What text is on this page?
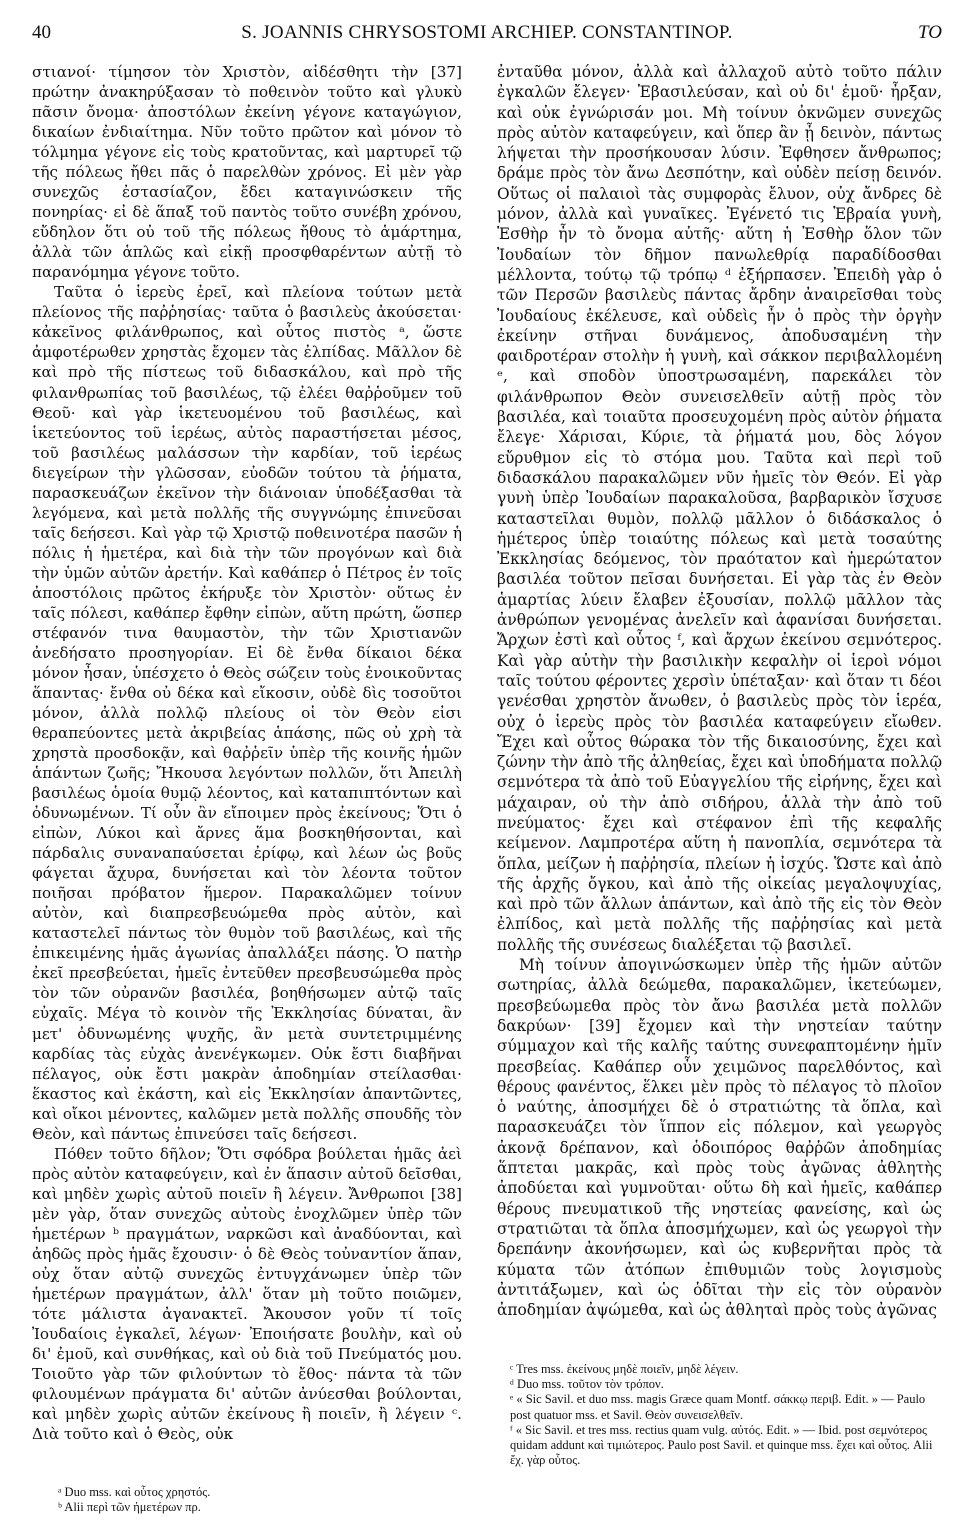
40	S. JOANNIS CHRYSOSTOMI ARCHIEP. CONSTANTINOP.	TO

στιανοί· τίμησον τὸν Χριστὸν, αἰδέσθητι τὴν [37] πρώτην ἀνακηρύξασαν τὸ ποθεινὸν τοῦτο καὶ γλυκὺ πᾶσιν ὄνομα· ἀποστόλων ἐκείνη γέγονε καταγώγιον, δικαίων ἐνδιαίτημα. Νῦν τοῦτο πρῶτον καὶ μόνον τὸ τόλμημα γέγονε εἰς τοὺς κρατοῦντας, καὶ μαρτυρεῖ τῷ τῆς πόλεως ἤθει πᾶς ὁ παρελθὼν χρόνος. Εἰ μὲν γὰρ συνεχῶς ἐστασίαζον, ἔδει καταγινώσκειν τῆς πονηρίας· εἰ δὲ ἅπαξ τοῦ παντὸς τοῦτο συνέβη χρόνου, εὔδηλον ὅτι οὐ τοῦ τῆς πόλεως ἤθους τὸ ἁμάρτημα, ἀλλὰ τῶν ἁπλῶς καὶ εἰκῇ προσφθαρέντων αὐτῇ τὸ παρανόμημα γέγονε τοῦτο.

Ταῦτα ὁ ἱερεὺς ἐρεῖ, καὶ πλείονα τούτων μετὰ πλείονος τῆς παῤῥησίας· ταῦτα ὁ βασιλεὺς ἀκούσεται· κἀκεῖνος φιλάνθρωπος, καὶ οὗτος πιστὸς ᵃ, ὥστε ἀμφοτέρωθεν χρηστὰς ἔχομεν τὰς ἐλπίδας. Μᾶλλον δὲ καὶ πρὸ τῆς πίστεως τοῦ διδασκάλου, καὶ πρὸ τῆς φιλανθρωπίας τοῦ βασιλέως, τῷ ἐλέει θαῤῥοῦμεν τοῦ Θεοῦ· καὶ γὰρ ἱκετευομένου τοῦ βασιλέως, καὶ ἱκετεύοντος τοῦ ἱερέως, αὐτὸς παραστήσεται μέσος, τοῦ βασιλέως μαλάσσων τὴν καρδίαν, τοῦ ἱερέως διεγείρων τὴν γλῶσσαν, εὐοδῶν τούτου τὰ ῥήματα, παρασκευάζων ἐκεῖνον τὴν διάνοιαν ὑποδέξασθαι τὰ λεγόμενα, καὶ μετὰ πολλῆς τῆς συγγνώμης ἐπινεῦσαι ταῖς δεήσεσι. Καὶ γὰρ τῷ Χριστῷ ποθεινοτέρα πασῶν ἡ πόλις ἡ ἡμετέρα, καὶ διὰ τὴν τῶν προγόνων καὶ διὰ τὴν ὑμῶν αὐτῶν ἀρετήν. Καὶ καθάπερ ὁ Πέτρος ἐν τοῖς ἀποστόλοις πρῶτος ἐκήρυξε τὸν Χριστὸν· οὕτως ἐν ταῖς πόλεσι, καθάπερ ἔφθην εἰπὼν, αὕτη πρώτη, ὥσπερ στέφανόν τινα θαυμαστὸν, τὴν τῶν Χριστιανῶν ἀνεδήσατο προσηγορίαν. Εἰ δὲ ἔνθα δίκαιοι δέκα μόνον ἦσαν, ὑπέσχετο ὁ Θεὸς σώζειν τοὺς ἐνοικοῦντας ἅπαντας· ἔνθα οὐ δέκα καὶ εἴκοσιν, οὐδὲ δὶς τοσοῦτοι μόνον, ἀλλὰ πολλῷ πλείους οἱ τὸν Θεὸν εἰσι θεραπεύοντες μετὰ ἀκριβείας ἁπάσης, πῶς οὐ χρὴ τὰ χρηστὰ προσδοκᾷν, καὶ θαῤῥεῖν ὑπὲρ τῆς κοινῆς ἡμῶν ἁπάντων ζωῆς; Ἤκουσα λεγόντων πολλῶν, ὅτι Ἀπειλὴ βασιλέως ὁμοία θυμῷ λέοντος, καὶ καταπιπτόντων καὶ ὀδυνωμένων. Τί οὖν ἂν εἴποιμεν πρὸς ἐκείνους; Ὅτι ὁ εἰπὼν, Λύκοι καὶ ἄρνες ἅμα βοσκηθήσονται, καὶ πάρδαλις συναναπαύσεται ἐρίφῳ, καὶ λέων ὡς βοῦς φάγεται ἄχυρα, δυνήσεται καὶ τὸν λέοντα τοῦτον ποιῆσαι πρόβατον ἥμερον. Παρακαλῶμεν τοίνυν αὐτὸν, καὶ διαπρεσβευώμεθα πρὸς αὐτὸν, καὶ καταστελεῖ πάντως τὸν θυμὸν τοῦ βασιλέως, καὶ τῆς ἐπικειμένης ἡμᾶς ἀγωνίας ἀπαλλάξει πάσης. Ὁ πατὴρ ἐκεῖ πρεσβεύεται, ἡμεῖς ἐντεῦθεν πρεσβευσώμεθα πρὸς τὸν τῶν οὐρανῶν βασιλέα, βοηθήσωμεν αὐτῷ ταῖς εὐχαῖς. Μέγα τὸ κοινὸν τῆς Ἐκκλησίας δύναται, ἂν μετ' ὀδυνωμένης ψυχῆς, ἂν μετὰ συντετριμμένης καρδίας τὰς εὐχὰς ἀνενέγκωμεν. Οὐκ ἔστι διαβῆναι πέλαγος, οὐκ ἔστι μακρὰν ἀποδημίαν στείλασθαι· ἕκαστος καὶ ἑκάστη, καὶ εἰς Ἐκκλησίαν ἀπαντῶντες, καὶ οἴκοι μένοντες, καλῶμεν μετὰ πολλῆς σπουδῆς τὸν Θεὸν, καὶ πάντως ἐπινεύσει ταῖς δεήσεσι.

Πόθεν τοῦτο δῆλον; Ὅτι σφόδρα βούλεται ἡμᾶς ἀεὶ πρὸς αὐτὸν καταφεύγειν, καὶ ἐν ἅπασιν αὐτοῦ δεῖσθαι, καὶ μηδὲν χωρὶς αὐτοῦ ποιεῖν ἢ λέγειν. Ἄνθρωποι [38] μὲν γὰρ, ὅταν συνεχῶς αὐτοὺς ἐνοχλῶμεν ὑπὲρ τῶν ἡμετέρων ᵇ πραγμάτων, ναρκῶσι καὶ ἀναδύονται, καὶ ἀηδῶς πρὸς ἡμᾶς ἔχουσιν· ὁ δὲ Θεὸς τοὐναντίον ἅπαν, οὐχ ὅταν αὐτῷ συνεχῶς ἐντυγχάνωμεν ὑπὲρ τῶν ἡμετέρων πραγμάτων, ἀλλ' ὅταν μὴ τοῦτο ποιῶμεν, τότε μάλιστα ἀγανακτεῖ. Ἄκουσον γοῦν τί τοῖς Ἰουδαίοις ἐγκαλεῖ, λέγων· Ἐποιήσατε βουλὴν, καὶ οὐ δι' ἐμοῦ, καὶ συνθήκας, καὶ οὐ διὰ τοῦ Πνεύματός μου. Τοιοῦτο γὰρ τῶν φιλούντων τὸ ἔθος· πάντα τὰ τῶν φιλουμένων πράγματα δι' αὐτῶν ἀνύεσθαι βούλονται, καὶ μηδὲν χωρὶς αὐτῶν ἐκείνους ἢ ποιεῖν, ἢ λέγειν ᶜ. Διὰ τοῦτο καὶ ὁ Θεὸς, οὐκ

ἐνταῦθα μόνον, ἀλλὰ καὶ ἀλλαχοῦ αὐτὸ τοῦτο πάλιν ἐγκαλῶν ἔλεγεν· Ἐβασιλεύσαν, καὶ οὐ δι' ἐμοῦ· ἦρξαν, καὶ οὐκ ἐγνώρισάν μοι. Μὴ τοίνυν ὀκνῶμεν συνεχῶς πρὸς αὐτὸν καταφεύγειν, καὶ ὅπερ ἂν ᾖ δεινὸν, πάντως λήψεται τὴν προσήκουσαν λύσιν. Ἐφθησεν ἄνθρωπος; δράμε πρὸς τὸν ἄνω Δεσπότην, καὶ οὐδὲν πείσῃ δεινόν. Οὕτως οἱ παλαιοὶ τὰς συμφορὰς ἔλυον, οὐχ ἄνδρες δὲ μόνον, ἀλλὰ καὶ γυναῖκες. Ἐγένετό τις Ἑβραία γυνὴ, Ἐσθὴρ ἦν τὸ ὄνομα αὐτῆς· αὕτη ἡ Ἐσθὴρ ὅλον τῶν Ἰουδαίων τὸν δῆμον πανωλεθρίᾳ παραδίδοσθαι μέλλοντα, τούτῳ τῷ τρόπῳ ᵈ ἐξήρπασεν. Ἐπειδὴ γὰρ ὁ τῶν Περσῶν βασιλεὺς πάντας ἄρδην ἀναιρεῖσθαι τοὺς Ἰουδαίους ἐκέλευσε, καὶ οὐδεὶς ἦν ὁ πρὸς τὴν ὀργὴν ἐκείνην στῆναι δυνάμενος, ἀποδυσαμένη τὴν φαιδροτέραν στολὴν ἡ γυνὴ, καὶ σάκκον περιβαλλομένη ᵉ, καὶ σποδὸν ὑποστρωσαμένη, παρεκάλει τὸν φιλάνθρωπον Θεὸν συνεισελθεῖν αὐτῇ πρὸς τὸν βασιλέα, καὶ τοιαῦτα προσευχομένη πρὸς αὐτὸν ῥήματα ἔλεγε· Χάρισαι, Κύριε, τὰ ῥήματά μου, δὸς λόγον εὔρυθμον εἰς τὸ στόμα μου. Ταῦτα καὶ περὶ τοῦ διδασκάλου παρακαλῶμεν νῦν ἡμεῖς τὸν Θεόν. Εἰ γὰρ γυνὴ ὑπὲρ Ἰουδαίων παρακαλοῦσα, βαρβαρικὸν ἴσχυσε καταστεῖλαι θυμὸν, πολλῷ μᾶλλον ὁ διδάσκαλος ὁ ἡμέτερος ὑπὲρ τοιαύτης πόλεως καὶ μετὰ τοσαύτης Ἐκκλησίας δεόμενος, τὸν πραότατον καὶ ἡμερώτατον βασιλέα τοῦτον πεῖσαι δυνήσεται. Εἰ γὰρ τὰς ἐν Θεὸν ἁμαρτίας λύειν ἔλαβεν ἐξουσίαν, πολλῷ μᾶλλον τὰς ἀνθρώπων γενομένας ἀνελεῖν καὶ ἀφανίσαι δυνήσεται. Ἄρχων ἐστὶ καὶ οὗτος ᶠ, καὶ ἄρχων ἐκείνου σεμνότερος. Καὶ γὰρ αὐτὴν τὴν βασιλικὴν κεφαλὴν οἱ ἱεροὶ νόμοι ταῖς τούτου φέροντες χερσὶν ὑπέταξαν· καὶ ὅταν τι δέοι γενέσθαι χρηστὸν ἄνωθεν, ὁ βασιλεὺς πρὸς τὸν ἱερέα, οὐχ ὁ ἱερεὺς πρὸς τὸν βασιλέα καταφεύγειν εἴωθεν. Ἔχει καὶ οὗτος θώρακα τὸν τῆς δικαιοσύνης, ἔχει καὶ ζώνην τὴν ἀπὸ τῆς ἀληθείας, ἔχει καὶ ὑποδήματα πολλῷ σεμνότερα τὰ ἀπὸ τοῦ Εὐαγγελίου τῆς εἰρήνης, ἔχει καὶ μάχαιραν, οὐ τὴν ἀπὸ σιδήρου, ἀλλὰ τὴν ἀπὸ τοῦ πνεύματος· ἔχει καὶ στέφανον ἐπὶ τῆς κεφαλῆς κείμενον. Λαμπροτέρα αὕτη ἡ πανοπλία, σεμνότερα τὰ ὅπλα, μείζων ἡ παῤῥησία, πλείων ἡ ἰσχύς. Ὥστε καὶ ἀπὸ τῆς ἀρχῆς ὄγκου, καὶ ἀπὸ τῆς οἰκείας μεγαλοψυχίας, καὶ πρὸ τῶν ἄλλων ἁπάντων, καὶ ἀπὸ τῆς εἰς τὸν Θεὸν ἐλπίδος, καὶ μετὰ πολλῆς τῆς παῤῥησίας καὶ μετὰ πολλῆς τῆς συνέσεως διαλέξεται τῷ βασιλεῖ.

Μὴ τοίνυν ἀπογινώσκωμεν ὑπὲρ τῆς ἡμῶν αὐτῶν σωτηρίας, ἀλλὰ δεώμεθα, παρακαλῶμεν, ἱκετεύωμεν, πρεσβεύωμεθα πρὸς τὸν ἄνω βασιλέα μετὰ πολλῶν δακρύων· [39] ἔχομεν καὶ τὴν νηστείαν ταύτην σύμμαχον καὶ τῆς καλῆς ταύτης συνεφαπτομένην ἡμῖν πρεσβείας. Καθάπερ οὖν χειμῶνος παρελθόντος, καὶ θέρους φανέντος, ἕλκει μὲν πρὸς τὸ πέλαγος τὸ πλοῖον ὁ ναύτης, ἀποσμήχει δὲ ὁ στρατιώτης τὰ ὅπλα, καὶ παρασκευάζει τὸν ἵππον εἰς πόλεμον, καὶ γεωργὸς ἀκονᾷ δρέπανον, καὶ ὁδοιπόρος θαῤῥῶν ἀποδημίας ἅπτεται μακρᾶς, καὶ πρὸς τοὺς ἀγῶνας ἀθλητὴς ἀποδύεται καὶ γυμνοῦται· οὕτω δὴ καὶ ἡμεῖς, καθάπερ θέρους πνευματικοῦ τῆς νηστείας φανείσης, καὶ ὡς στρατιῶται τὰ ὅπλα ἀποσμήχωμεν, καὶ ὡς γεωργοὶ τὴν δρεπάνην ἀκονήσωμεν, καὶ ὡς κυβερνῆται πρὸς τὰ κύματα τῶν ἀτόπων ἐπιθυμιῶν τοὺς λογισμοὺς ἀντιτάξωμεν, καὶ ὡς ὁδῖται τὴν εἰς τὸν οὐρανὸν ἀποδημίαν ἀψώμεθα, καὶ ὡς ἀθληταὶ πρὸς τοὺς ἀγῶνας

ᵃ Duo mss. καὶ οὗτος χρηστός.
ᵇ Alii περὶ τῶν ἡμετέρων πρ.
ᶜ Tres mss. ἐκείνους μηδὲ ποιεῖν, μηδὲ λέγειν.
ᵈ Duo mss. τοῦτον τὸν τρόπον.
ᵉ « Sic Savil. et duo mss. magis Græce quam Montf. σάκκῳ περιβ. Edit. » — Paulo post quatuor mss. et Savil. Θεὸν συνεισελθεῖν.
ᶠ « Sic Savil. et tres mss. rectius quam vulg. αὐτός. Edit. » — Ibid. post σεμνότερος quidam addunt καὶ τιμιώτερος. Paulo post Savil. et quinque mss. ἔχει καὶ οὗτος. Alii ἔχ. γὰρ οὗτος.
